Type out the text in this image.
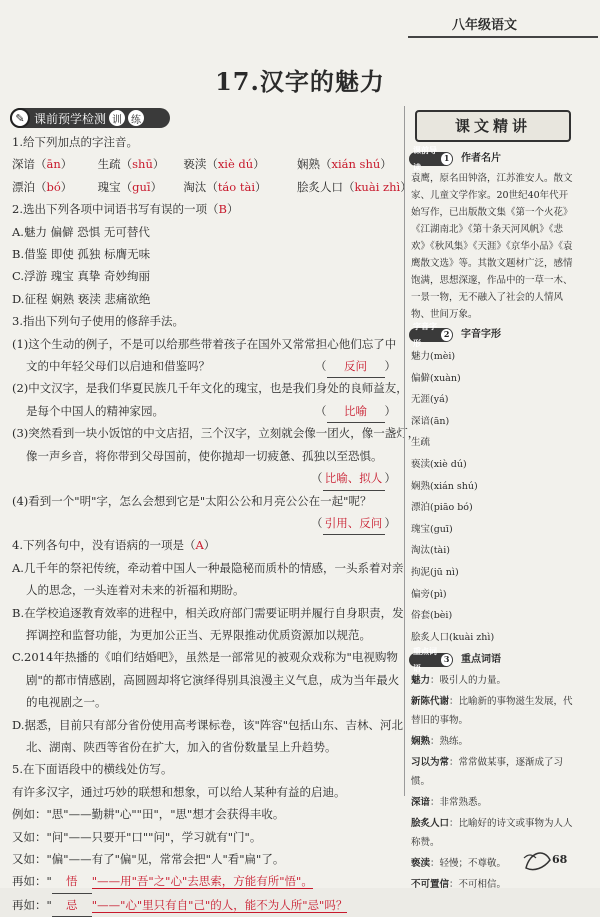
八年级语文
17.汉字的魅力
✎ 课前预学检测 训 练
1.给下列加点的字注音。
深谙（ān） 生疏（shū） 亵渎（xiè dú）	娴熟（xián shú）
漂泊（bó） 瑰宝（guī） 淘汰（táo tài）	脍炙人口（kuài zhì）
2.选出下列各项中词语书写有误的一项（B）
A.魅力 偏僻 恐惧 无可替代
B.借鉴 即使 孤独 标膺无味
C.浮游 瑰宝 真挚 奇妙绚丽
D.征程 娴熟 亵渎 悲痛欲绝
3.指出下列句子使用的修辞手法。
(1)这个生动的例子，不是可以给那些带着孩子在国外又常常担心他们忘了中
文的中年轻父母们以启迪和借鉴吗？	（ 反问 ）
(2)中文汉字，是我们华夏民族几千年文化的瑰宝，也是我们身处的良师益友，
是每个中国人的精神家园。	（ 比喻 ）
(3)突然看到一块小饭馆的中文店招，三个汉字，立刻就会像一团火，像一盏灯，
像一声乡音，将你带到父母国前，使你抛却一切疲惫、孤独以至恐惧。
（ 比喻、拟人 ）

(4)看到一个"明"字，怎么会想到它是"太阳公公和月亮公公在一起"呢？
（ 引用、反问 ）

4.下列各句中，没有语病的一项是（A）
A.几千年的祭祀传统，牵动着中国人一种最隐秘而质朴的情感，一头系着对亲
人的思念，一头连着对未来的祈福和期盼。
B.在学校追逐教育效率的进程中，相关政府部门需要证明并履行自身职责，发
挥调控和监督功能，为更加公正当、无界限推动优质资源加以规范。
C.2014年热播的《咱们结婚吧》，虽然是一部常见的被观众戏称为"电视购物
剧"的都市情感剧，高圆圆却将它演绎得别具浪漫主义气息，成为当年最火
的电视剧之一。
D.据悉，目前只有部分省份使用高考课标卷，该"阵容"包括山东、吉林、河北
北、湖南、陕西等省份在扩大，加入的省份数量呈上升趋势。
5.在下面语段中的横线处仿写。
有许多汉字，通过巧妙的联想和想象，可以给人某种有益的启迪。
例如："思"——勤耕"心""田"，"思"想才会获得丰收。
又如："问"——只要开"口""问"，学习就有"门"。
又如："偏"——有了"偏"见，常常会把"人"看"扁"了。
再如：" 悟 "——用"吾"之"心"去思索，方能有所"悟"。
再如：" 忌 "——"心"里只有自"己"的人，能不为人所"忌"吗？
课文精讲
课前导读
1 作者名片
袁鹰，原名田钟洛，江苏淮安人。散文家、儿童文学作家。20世纪40年代开始写作，已出版散文集《第一个火花》《江湖南北》《第十条天河风帆》《悲欢》《秋风集》《天涯》《京华小品》《袁鹰散文选》等。其散文题材广泛，感情饱满，思想深邃，作品中的一草一木、一景一物，无不融入了社会的人情风物、世间万象。
字音字形
2 字音字形
魅力(mèi)
偏僻(xuàn)
无涯(yá)
深谙(ān)
生疏
亵渎(xiè dú)
娴熟(xián shú)
漂泊(piāo bó)
瑰宝(guī)
淘汰(tài)
拘泥(jū nì)
偏旁(pì)
俗套(bèi)
脍炙人口(kuài zhì)
重点词语
3 重点词语
魅力：吸引人的力量。
新陈代谢：比喻新的事物滋生发展，代替旧的事物。
娴熟：熟练。
习以为常：常常做某事，逐渐成了习惯。
深谙：非常熟悉。
脍炙人口：比喻好的诗文或事物为人人称赞。
亵渎：轻慢；不尊敬。
不可置信：不可相信。
68
